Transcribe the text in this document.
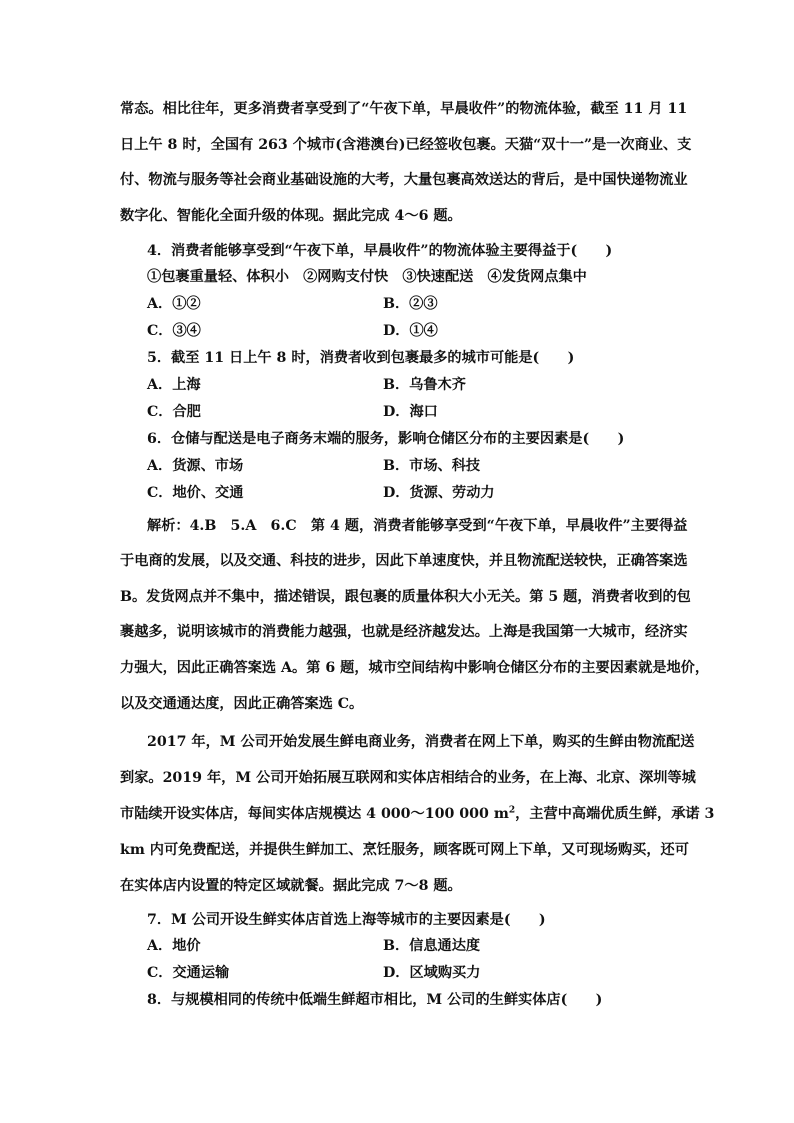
常态。相比往年，更多消费者享受到了“午夜下单，早晨收件”的物流体验，截至 11 月 11
日上午 8 时，全国有 263 个城市(含港澳台)已经签收包裹。天猫“双十一”是一次商业、支
付、物流与服务等社会商业基础设施的大考，大量包裹高效送达的背后，是中国快递物流业
数字化、智能化全面升级的体现。据此完成 4～6 题。
4．消费者能够享受到“午夜下单，早晨收件”的物流体验主要得益于(　　)
①包裹重量轻、体积小　②网购支付快　③快速配送　④发货网点集中
A．①②	B．②③
C．③④	D．①④
5．截至 11 日上午 8 时，消费者收到包裹最多的城市可能是(　　)
A．上海	B．乌鲁木齐
C．合肥	D．海口
6．仓储与配送是电子商务末端的服务，影响仓储区分布的主要因素是(　　)
A．货源、市场	B．市场、科技
C．地价、交通	D．货源、劳动力
解析：4.B　5.A　6.C　第 4 题，消费者能够享受到“午夜下单，早晨收件”主要得益
于电商的发展，以及交通、科技的进步，因此下单速度快，并且物流配送较快，正确答案选
B。发货网点并不集中，描述错误，跟包裹的质量体积大小无关。第 5 题，消费者收到的包
裹越多，说明该城市的消费能力越强，也就是经济越发达。上海是我国第一大城市，经济实
力强大，因此正确答案选 A。第 6 题，城市空间结构中影响仓储区分布的主要因素就是地价，
以及交通通达度，因此正确答案选 C。
2017 年，M 公司开始发展生鲜电商业务，消费者在网上下单，购买的生鲜由物流配送
到家。2019 年，M 公司开始拓展互联网和实体店相结合的业务，在上海、北京、深圳等城
市陆续开设实体店，每间实体店规模达 4 000～100 000 $m^2$，主营中高端优质生鲜，承诺 3
km 内可免费配送，并提供生鲜加工、烹饪服务，顾客既可网上下单，又可现场购买，还可
在实体店内设置的特定区域就餐。据此完成 7～8 题。
7．M 公司开设生鲜实体店首选上海等城市的主要因素是(　　)
A．地价	B．信息通达度
C．交通运输	D．区域购买力
8．与规模相同的传统中低端生鲜超市相比，M 公司的生鲜实体店(　　)
